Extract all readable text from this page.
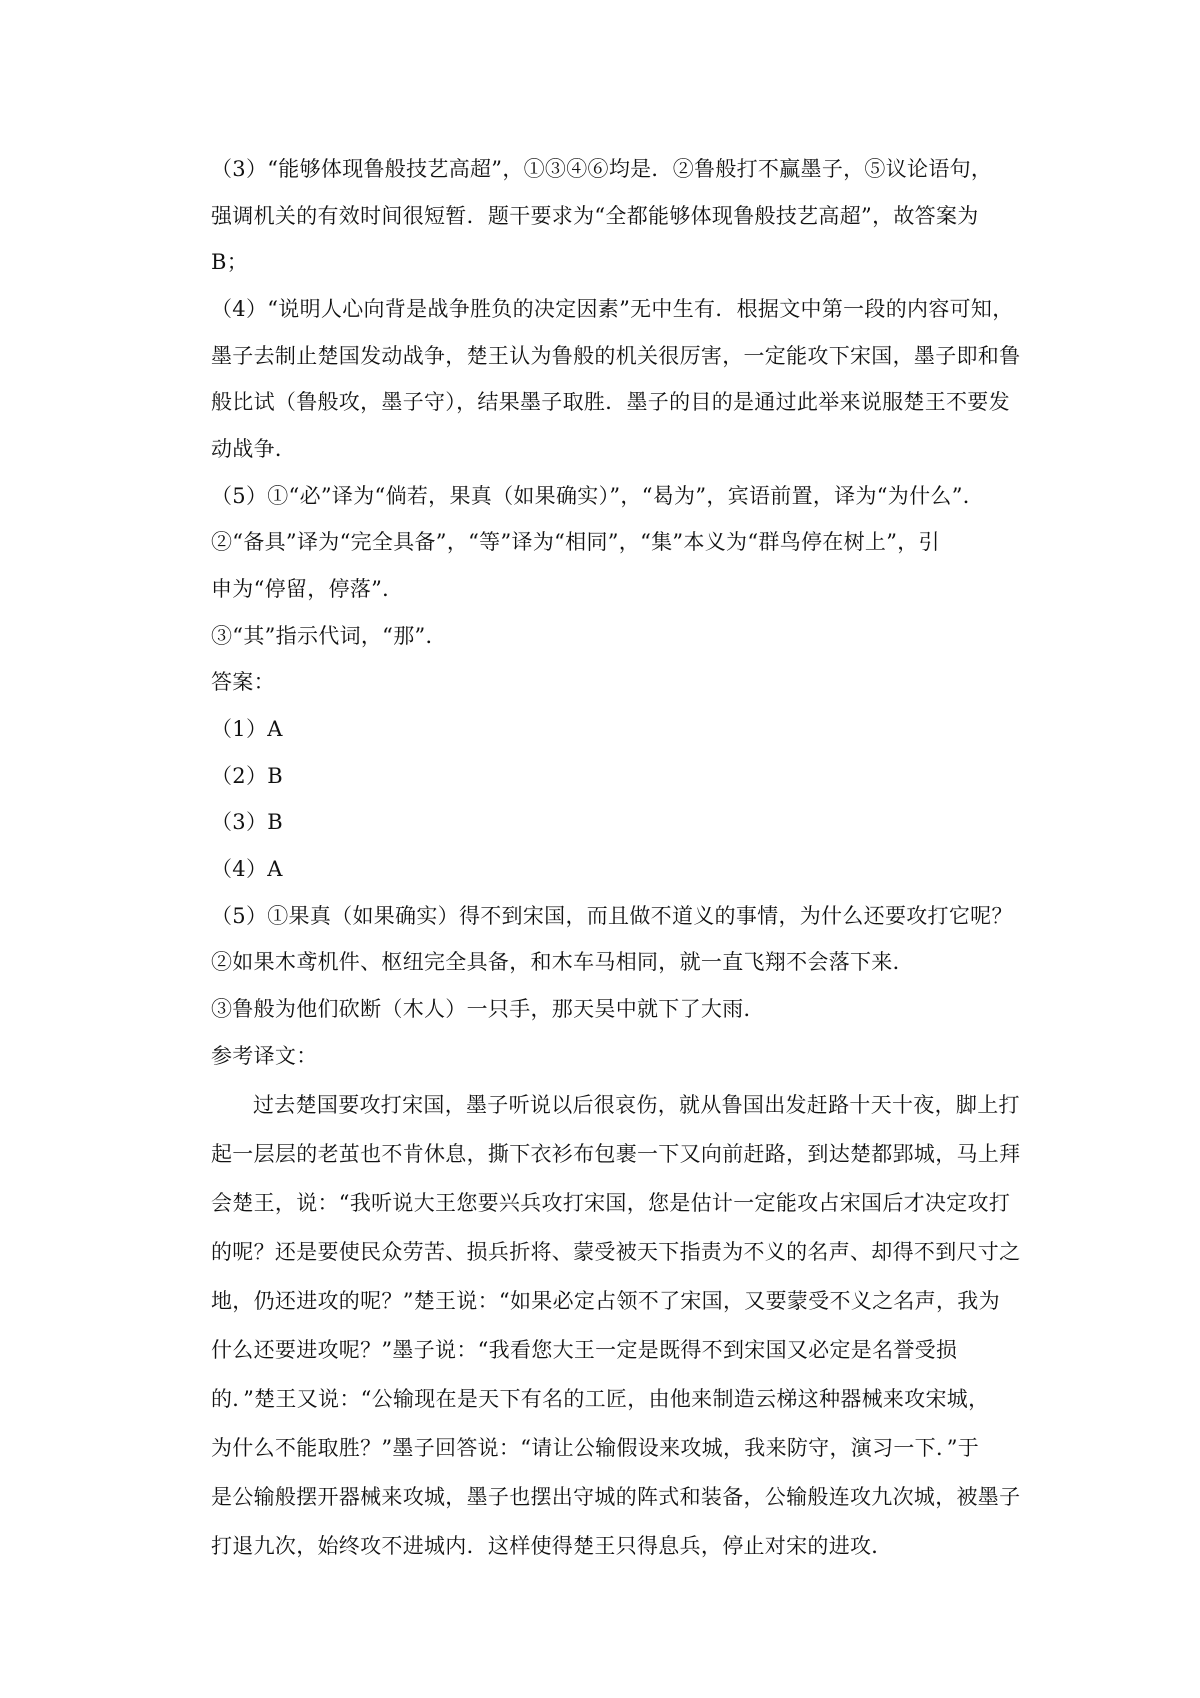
（3）“能够体现鲁般技艺高超”，①③④⑥均是．②鲁般打不赢墨子，⑤议论语句，
强调机关的有效时间很短暂．题干要求为“全都能够体现鲁般技艺高超”，故答案为
B；
（4）“说明人心向背是战争胜负的决定因素”无中生有．根据文中第一段的内容可知，
墨子去制止楚国发动战争，楚王认为鲁般的机关很厉害，一定能攻下宋国，墨子即和鲁
般比试（鲁般攻，墨子守），结果墨子取胜．墨子的目的是通过此举来说服楚王不要发
动战争．
（5）①“必”译为“倘若，果真（如果确实）”，“曷为”，宾语前置，译为“为什么”．
②“备具”译为“完全具备”，“等”译为“相同”，“集”本义为“群鸟停在树上”，引
申为“停留，停落”．
③“其”指示代词，“那”．
答案：
（1）A
（2）B
（3）B
（4）A
（5）①果真（如果确实）得不到宋国，而且做不道义的事情，为什么还要攻打它呢？
②如果木鸢机件、枢纽完全具备，和木车马相同，就一直飞翔不会落下来．
③鲁般为他们砍断（木人）一只手，那天吴中就下了大雨．
参考译文：
过去楚国要攻打宋国，墨子听说以后很哀伤，就从鲁国出发赶路十天十夜，脚上打
起一层层的老茧也不肯休息，撕下衣衫布包裹一下又向前赶路，到达楚都郢城，马上拜
会楚王，说：“我听说大王您要兴兵攻打宋国，您是估计一定能攻占宋国后才决定攻打
的呢？还是要使民众劳苦、损兵折将、蒙受被天下指责为不义的名声、却得不到尺寸之
地，仍还进攻的呢？”楚王说：“如果必定占领不了宋国，又要蒙受不义之名声，我为
什么还要进攻呢？”墨子说：“我看您大王一定是既得不到宋国又必定是名誉受损
的．”楚王又说：“公输现在是天下有名的工匠，由他来制造云梯这种器械来攻宋城，
为什么不能取胜？”墨子回答说：“请让公输假设来攻城，我来防守，演习一下．”于
是公输般摆开器械来攻城，墨子也摆出守城的阵式和装备，公输般连攻九次城，被墨子
打退九次，始终攻不进城内．这样使得楚王只得息兵，停止对宋的进攻．
